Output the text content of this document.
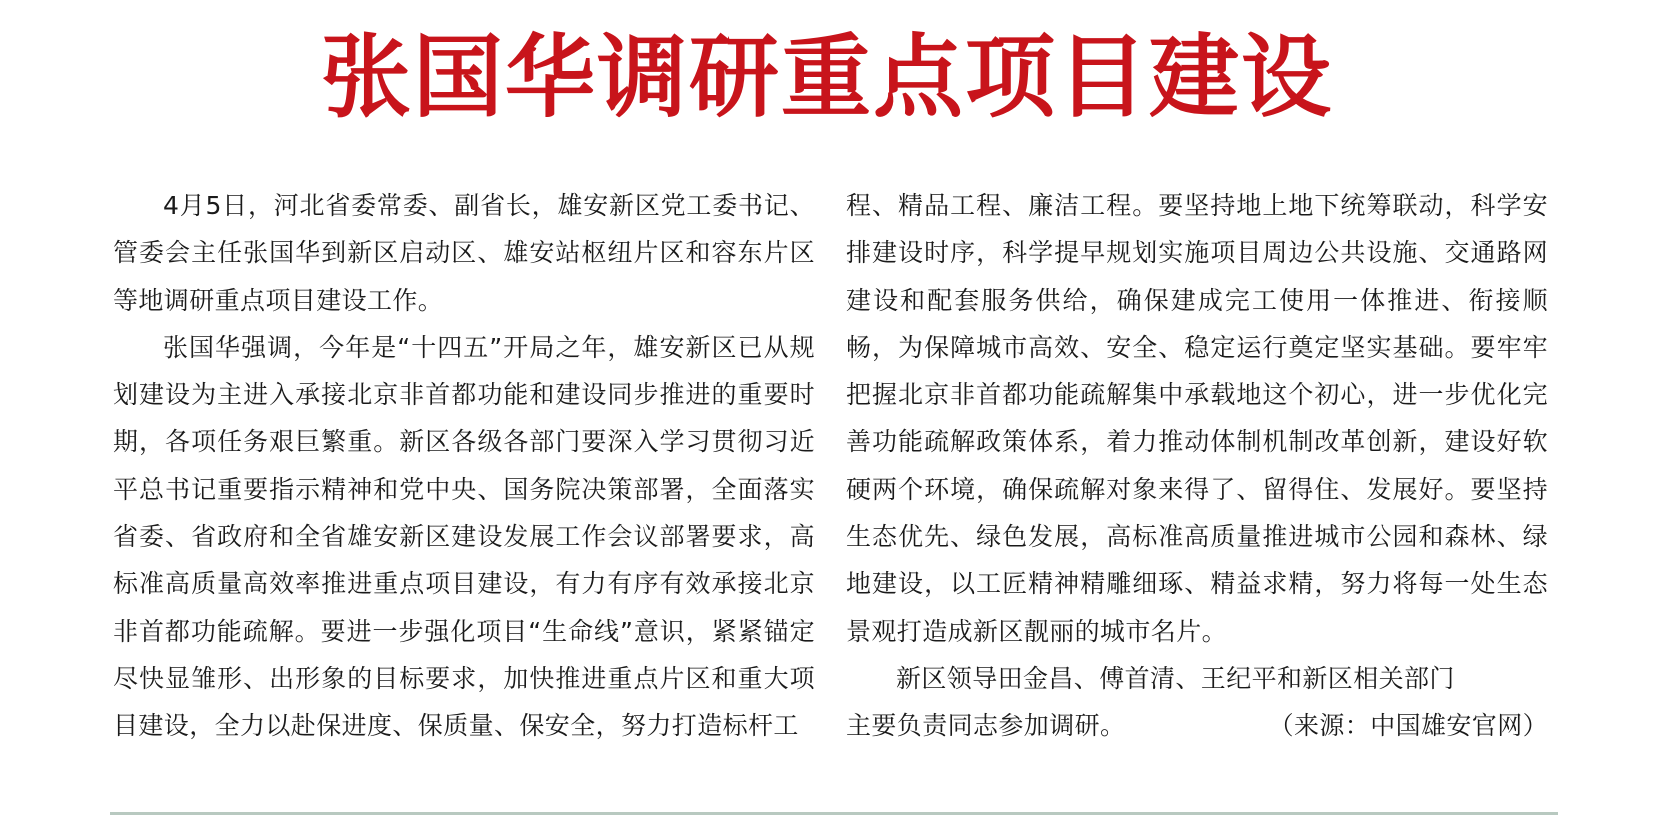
张国华调研重点项目建设

4月5日，河北省委常委、副省长，雄安新区党工委书记、管委会主任张国华到新区启动区、雄安站枢纽片区和容东片区等地调研重点项目建设工作。

张国华强调，今年是“十四五”开局之年，雄安新区已从规划建设为主进入承接北京非首都功能和建设同步推进的重要时期，各项任务艰巨繁重。新区各级各部门要深入学习贯彻习近平总书记重要指示精神和党中央、国务院决策部署，全面落实省委、省政府和全省雄安新区建设发展工作会议部署要求，高标准高质量高效率推进重点项目建设，有力有序有效承接北京非首都功能疏解。要进一步强化项目“生命线”意识，紧紧锚定尽快显雏形、出形象的目标要求，加快推进重点片区和重大项目建设，全力以赴保进度、保质量、保安全，努力打造标杆工

程、精品工程、廉洁工程。要坚持地上地下统筹联动，科学安排建设时序，科学提早规划实施项目周边公共设施、交通路网建设和配套服务供给，确保建成完工使用一体推进、衔接顺畅，为保障城市高效、安全、稳定运行奠定坚实基础。要牢牢把握北京非首都功能疏解集中承载地这个初心，进一步优化完善功能疏解政策体系，着力推动体制机制改革创新，建设好软硬两个环境，确保疏解对象来得了、留得住、发展好。要坚持生态优先、绿色发展，高标准高质量推进城市公园和森林、绿地建设，以工匠精神精雕细琢、精益求精，努力将每一处生态景观打造成新区靓丽的城市名片。

新区领导田金昌、傅首清、王纪平和新区相关部门

主要负责同志参加调研。	（来源：中国雄安官网）
